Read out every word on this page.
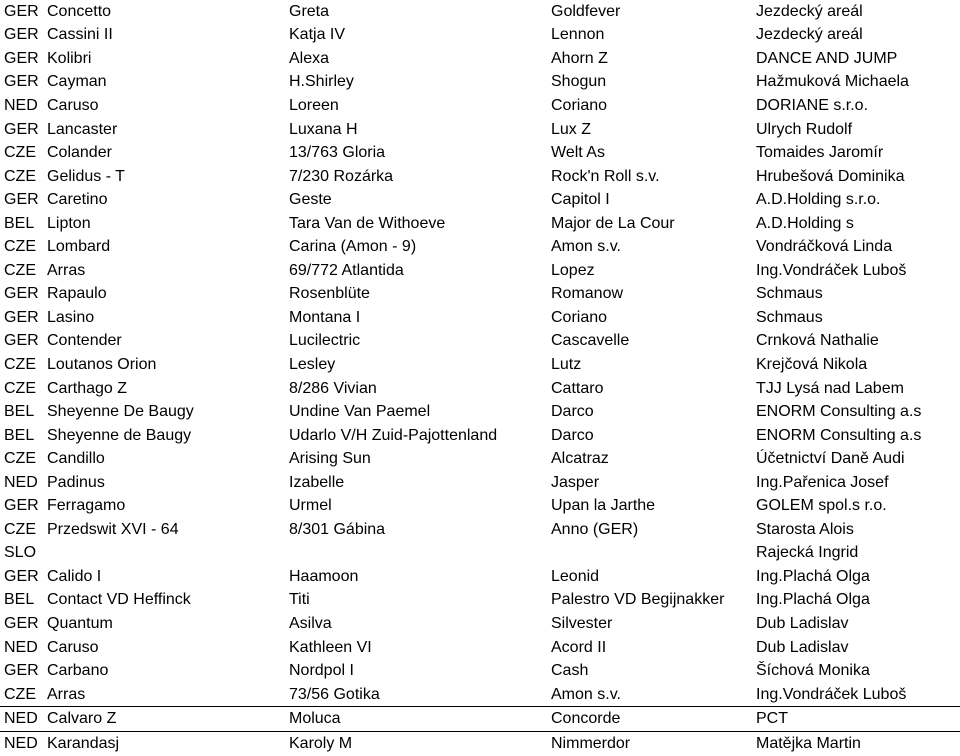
GER	Concetto	Greta	Goldfever	Jezdecký areál
GER	Cassini II	Katja IV	Lennon	Jezdecký areál
GER	Kolibri	Alexa	Ahorn Z	DANCE AND JUMP
GER	Cayman	H.Shirley	Shogun	Hažmuková Michaela
NED	Caruso	Loreen	Coriano	DORIANE s.r.o.
GER	Lancaster	Luxana H	Lux Z	Ulrych Rudolf
CZE	Colander	13/763 Gloria	Welt As	Tomaides Jaromír
CZE	Gelidus - T	7/230 Rozárka	Rock'n Roll s.v.	Hrubešová Dominika
GER	Caretino	Geste	Capitol I	A.D.Holding s.r.o.
BEL	Lipton	Tara Van de Withoeve	Major de La Cour	A.D.Holding s
CZE	Lombard	Carina (Amon - 9)	Amon s.v.	Vondráčková Linda
CZE	Arras	69/772 Atlantida	Lopez	Ing.Vondráček Luboš
GER	Rapaulo	Rosenblüte	Romanow	Schmaus
GER	Lasino	Montana I	Coriano	Schmaus
GER	Contender	Lucilectric	Cascavelle	Crnková Nathalie
CZE	Loutanos Orion	Lesley	Lutz	Krejčová Nikola
CZE	Carthago Z	8/286 Vivian	Cattaro	TJJ Lysá nad Labem
BEL	Sheyenne De Baugy	Undine Van Paemel	Darco	ENORM Consulting a.s
BEL	Sheyenne de Baugy	Udarlo V/H Zuid-Pajottenland	Darco	ENORM Consulting a.s
CZE	Candillo	Arising Sun	Alcatraz	Účetnictví Daně Audi
NED	Padinus	Izabelle	Jasper	Ing.Pařenica Josef
GER	Ferragamo	Urmel	Upan la Jarthe	GOLEM spol.s r.o.
CZE	Przedswit XVI - 64	8/301 Gábina	Anno (GER)	Starosta Alois
SLO				Rajecká Ingrid
GER	Calido I	Haamoon	Leonid	Ing.Plachá Olga
BEL	Contact VD Heffinck	Titi	Palestro VD Begijnakker	Ing.Plachá Olga
GER	Quantum	Asilva	Silvester	Dub Ladislav
NED	Caruso	Kathleen VI	Acord II	Dub Ladislav
GER	Carbano	Nordpol I	Cash	Šíchová Monika
CZE	Arras	73/56 Gotika	Amon s.v.	Ing.Vondráček Luboš
NED	Calvaro Z	Moluca	Concorde	PCT
NED	Karandasj	Karoly M	Nimmerdor	Matějka Martin
